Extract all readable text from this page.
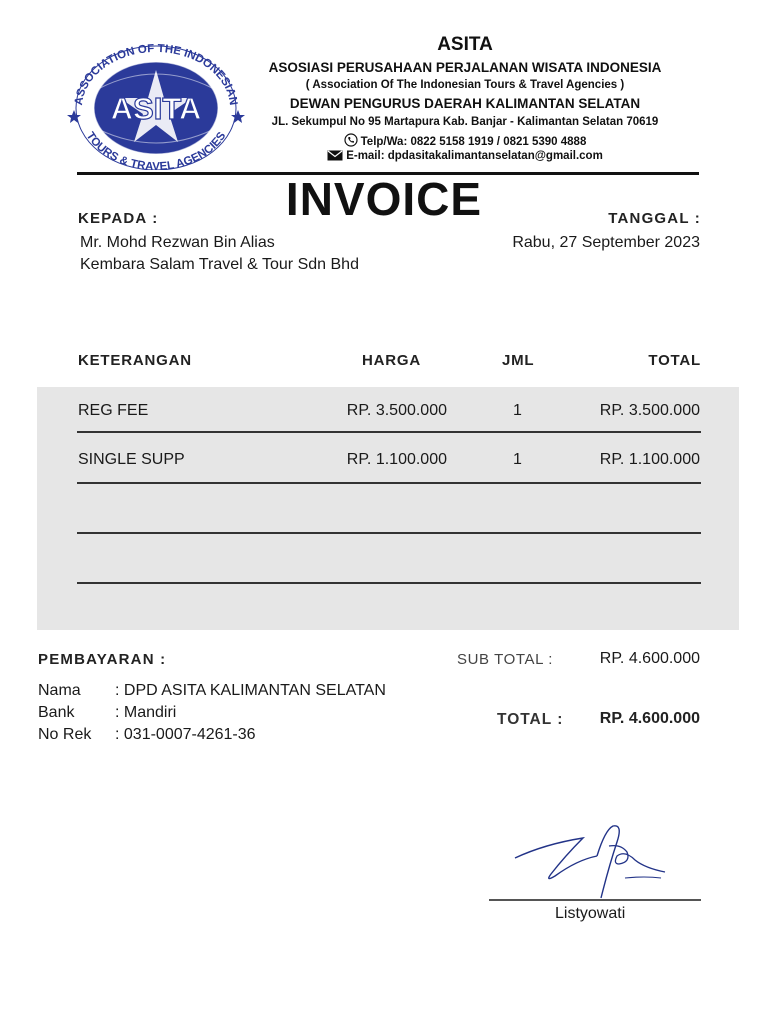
ASSOCIATION OF THE INDONESIAN
TOURS & TRAVEL AGENCIES
ASITA
ASITA
ASOSIASI PERUSAHAAN PERJALANAN WISATA INDONESIA
( Association Of The Indonesian Tours & Travel Agencies )
DEWAN PENGURUS DAERAH KALIMANTAN SELATAN
JL. Sekumpul No 95 Martapura Kab. Banjar - Kalimantan Selatan 70619
Telp/Wa: 0822 5158 1919 / 0821 5390 4888
E-mail: dpdasitakalimantanselatan@gmail.com
INVOICE
KEPADA :	TANGGAL :
Mr. Mohd Rezwan Bin Alias
Kembara Salam Travel & Tour Sdn Bhd
Rabu, 27 September 2023
KETERANGAN	HARGA	JML	TOTAL
REG FEE	RP. 3.500.000	1	RP. 3.500.000
SINGLE SUPP	RP. 1.100.000	1	RP. 1.100.000
PEMBAYARAN :	SUB TOTAL :	RP. 4.600.000
Nama : DPD ASITA KALIMANTAN SELATAN
Bank	: Mandiri
No Rek : 031-0007-4261-36
TOTAL : RP. 4.600.000
Listyowati
